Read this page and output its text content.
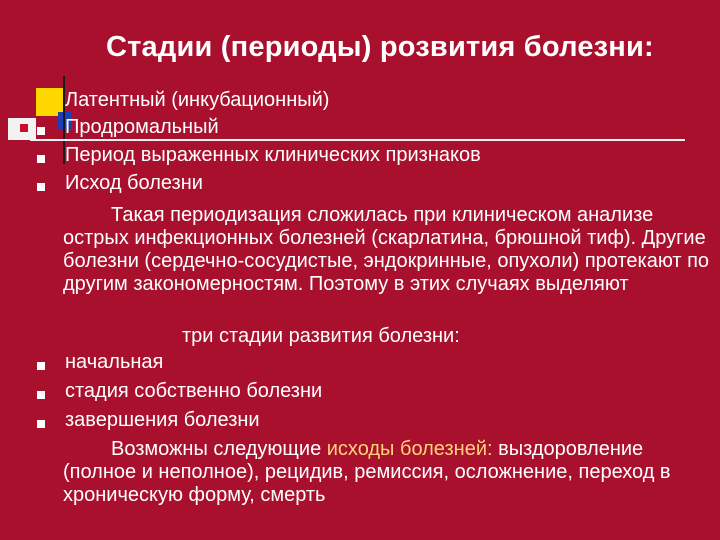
Стадии (периоды) розвития болезни:
Латентный (инкубационный)
Продромальный
Период выраженных клинических признаков
Исход болезни
Такая периодизация сложилась при клиническом анализе острых инфекционных болезней (скарлатина, брюшной тиф). Другие болезни (сердечно-сосудистые, эндокринные, опухоли) протекают по другим закономерностям. Поэтому в этих случаях выделяют
три стадии развития болезни:
начальная
стадия собственно болезни
завершения болезни
Возможны следующие исходы болезней: выздоровление (полное и неполное), рецидив, ремиссия, осложнение, переход в хроническую форму, смерть
